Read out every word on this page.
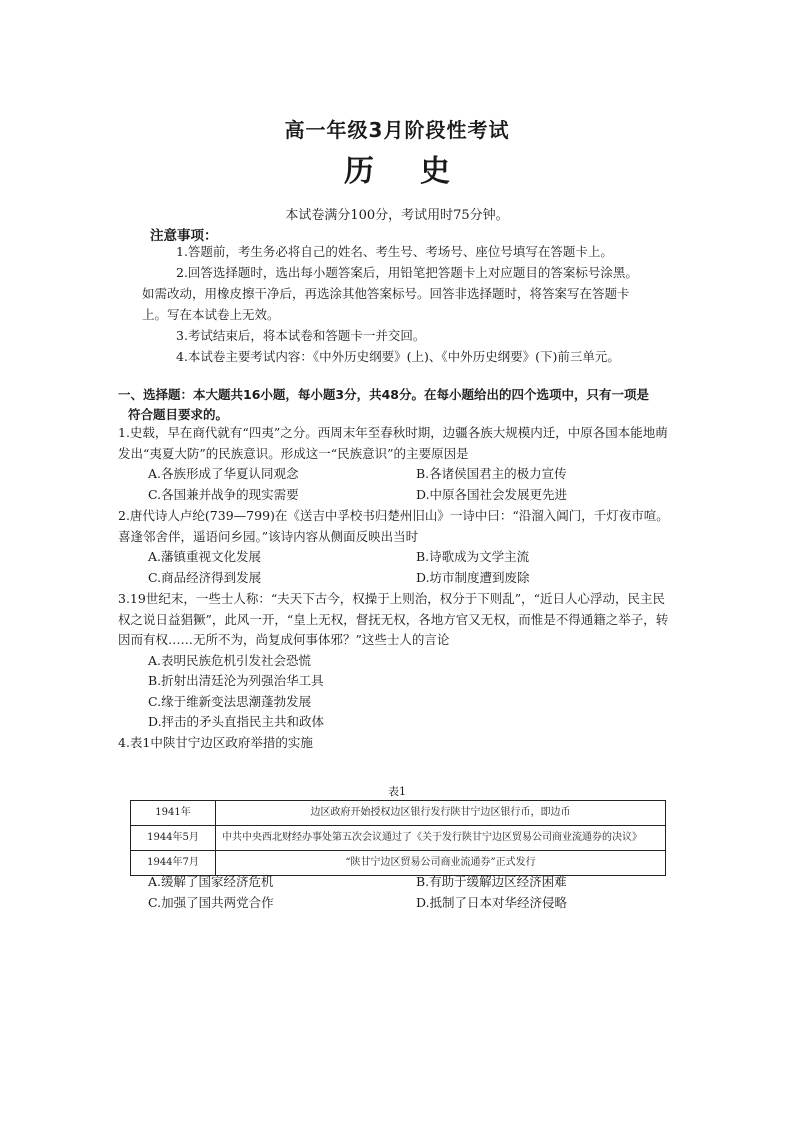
高一年级3月阶段性考试
历史
本试卷满分100分，考试用时75分钟。
注意事项：

1.答题前，考生务必将自己的姓名、考生号、考场号、座位号填写在答题卡上。

2.回答选择题时，选出每小题答案后，用铅笔把答题卡上对应题目的答案标号涂黑。如需改动，用橡皮擦干净后，再选涂其他答案标号。回答非选择题时，将答案写在答题卡上。写在本试卷上无效。

3.考试结束后，将本试卷和答题卡一并交回。

4.本试卷主要考试内容：《中外历史纲要》(上)、《中外历史纲要》(下)前三单元。

一、选择题：本大题共16小题，每小题3分，共48分。在每小题给出的四个选项中，只有一项是
符合题目要求的。

1.史载，早在商代就有“四夷”之分。西周末年至春秋时期，边疆各族大规模内迁，中原各国本能地萌发出“夷夏大防”的民族意识。形成这一“民族意识”的主要原因是

A.各族形成了华夏认同观念	B.各诸侯国君主的极力宣传 C.各国兼并战争的现实需要	D.中原各国社会发展更先进

2.唐代诗人卢纶(739—799)在《送吉中孚校书归楚州旧山》一诗中曰：“沿溜入阊门，千灯夜市喧。喜逢邻舍伴，遥语问乡园。”该诗内容从侧面反映出当时

A.藩镇重视文化发展	B.诗歌成为文学主流 C.商品经济得到发展	D.坊市制度遭到废除

3.19世纪末，一些士人称：“夫天下古今，权操于上则治，权分于下则乱”，“近日人心浮动，民主民权之说日益猖獗”，此风一开，“皇上无权，督抚无权，各地方官又无权，而惟是不得通籍之举子，转因而有权……无所不为，尚复成何事体邪？”这些士人的言论

A.表明民族危机引发社会恐慌
B.折射出清廷沦为列强治华工具
C.缘于维新变法思潮蓬勃发展
D.抨击的矛头直指民主共和政体

4.表1中陕甘宁边区政府举措的实施

表1
1941年	边区政府开始授权边区银行发行陕甘宁边区银行币，即边币
1944年5月	中共中央西北财经办事处第五次会议通过了《关于发行陕甘宁边区贸易公司商业流通券的决议》
1944年7月	“陕甘宁边区贸易公司商业流通券”正式发行
A.缓解了国家经济危机	B.有助于缓解边区经济困难 C.加强了国共两党合作	D.抵制了日本对华经济侵略
